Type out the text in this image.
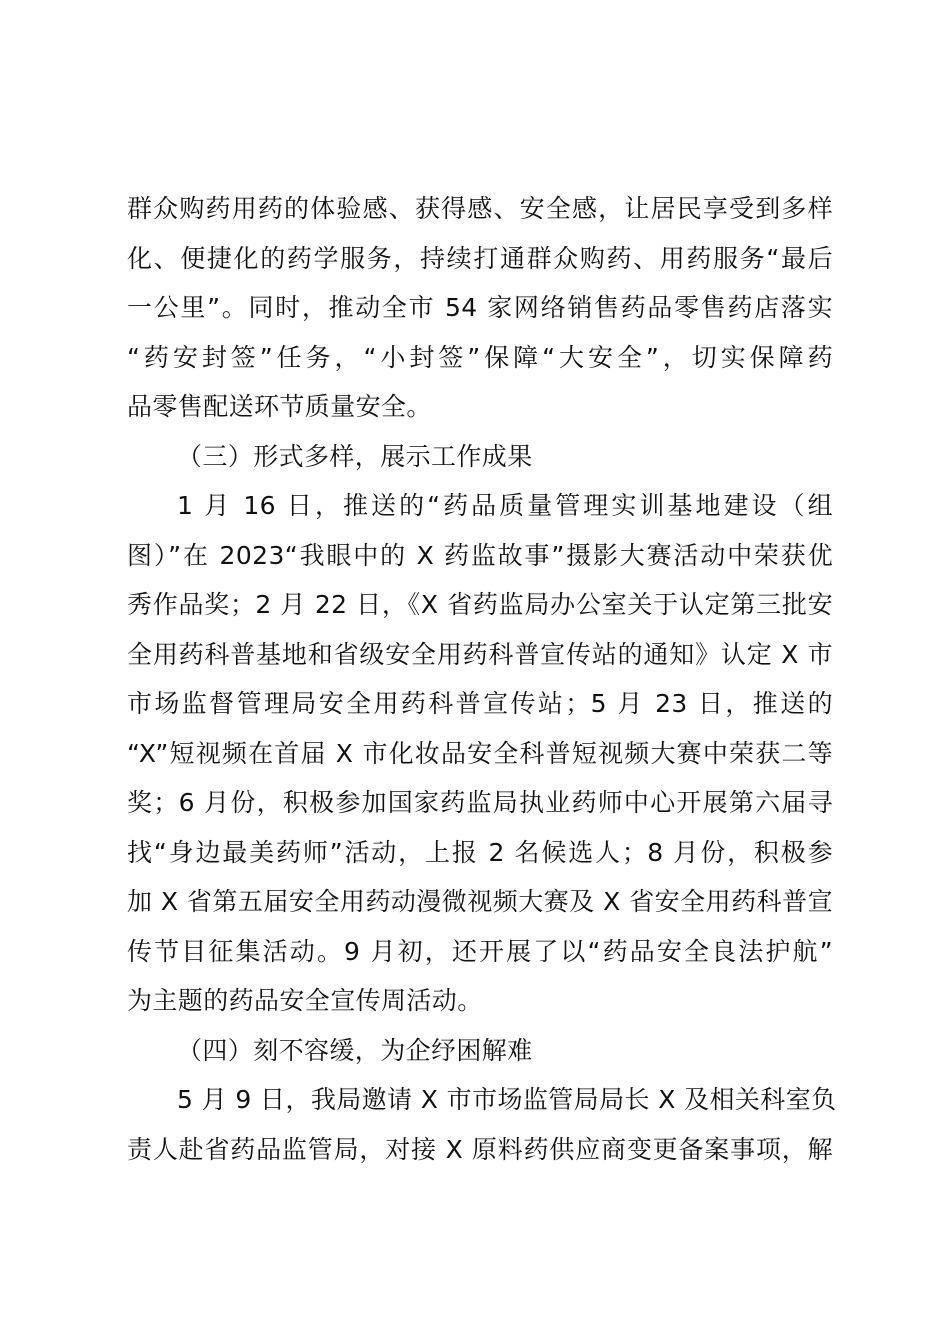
群众购药用药的体验感、获得感、安全感，让居民享受到多样
化、便捷化的药学服务，持续打通群众购药、用药服务“最后
一公里”。同时，推动全市 54 家网络销售药品零售药店落实
“药安封签”任务，“小封签”保障“大安全”，切实保障药
品零售配送环节质量安全。
（三）形式多样，展示工作成果
1 月 16 日，推送的“药品质量管理实训基地建设（组
图）”在 2023“我眼中的 X 药监故事”摄影大赛活动中荣获优
秀作品奖；2 月 22 日，《X 省药监局办公室关于认定第三批安
全用药科普基地和省级安全用药科普宣传站的通知》认定 X 市
市场监督管理局安全用药科普宣传站；5 月 23 日，推送的
“X”短视频在首届 X 市化妆品安全科普短视频大赛中荣获二等
奖；6 月份，积极参加国家药监局执业药师中心开展第六届寻
找“身边最美药师”活动，上报 2 名候选人；8 月份，积极参
加 X 省第五届安全用药动漫微视频大赛及 X 省安全用药科普宣
传节目征集活动。9 月初，还开展了以“药品安全良法护航”
为主题的药品安全宣传周活动。
（四）刻不容缓，为企纾困解难
5 月 9 日，我局邀请 X 市市场监管局局长 X 及相关科室负
责人赴省药品监管局，对接 X 原料药供应商变更备案事项，解
